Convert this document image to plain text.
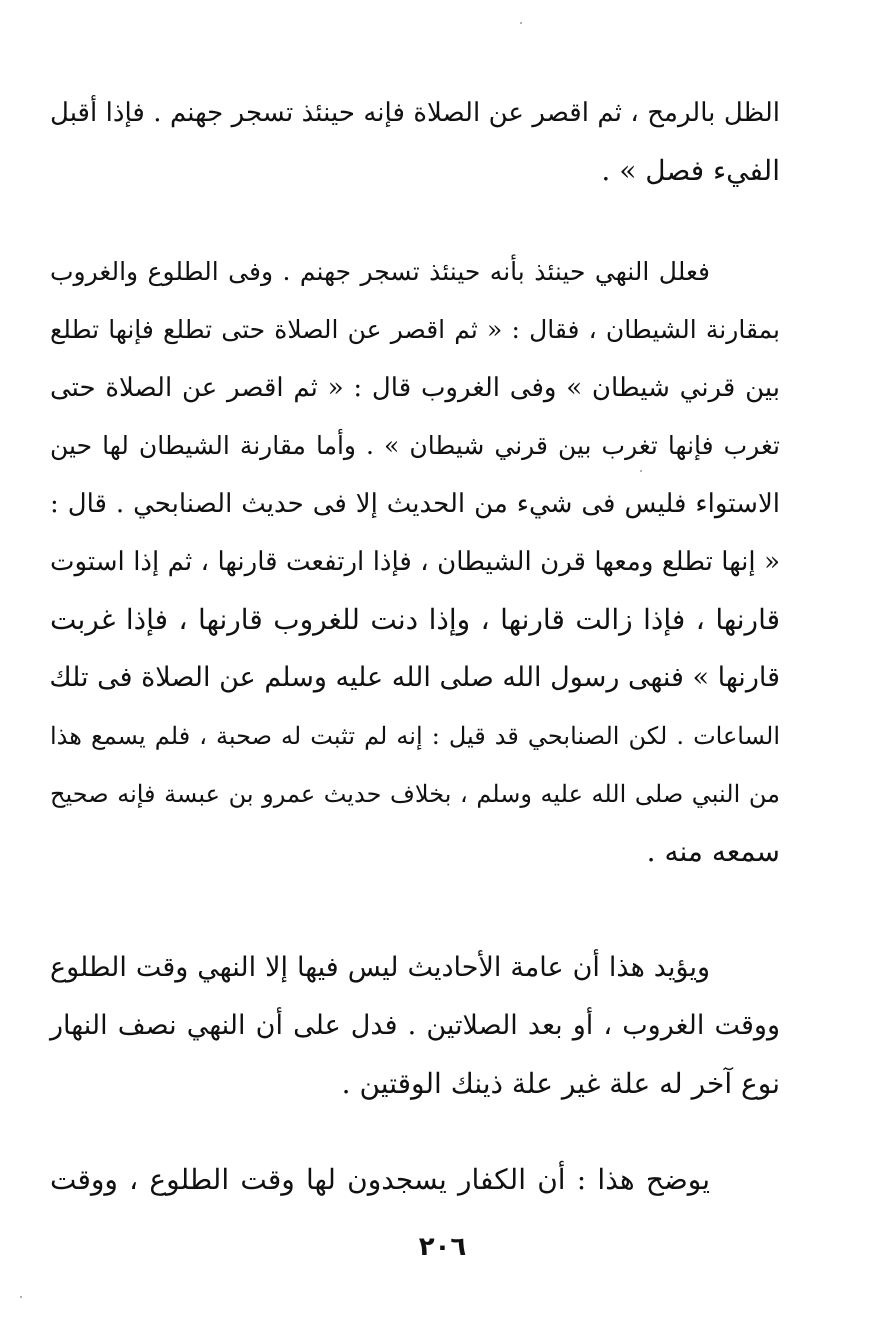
الظل بالرمح ، ثم اقصر عن الصلاة فإنه حينئذ تسجر جهنم . فإذا أقبل
الفيء فصل » .
فعلل النهي حينئذ بأنه حينئذ تسجر جهنم . وفى الطلوع والغروب
بمقارنة الشيطان ، فقال : « ثم اقصر عن الصلاة حتى تطلع فإنها تطلع
بين قرني شيطان » وفى الغروب قال : « ثم اقصر عن الصلاة حتى
تغرب فإنها تغرب بين قرني شيطان » . وأما مقارنة الشيطان لها حين
الاستواء فليس فى شيء من الحديث إلا فى حديث الصنابحي . قال :
« إنها تطلع ومعها قرن الشيطان ، فإذا ارتفعت قارنها ، ثم إذا استوت
قارنها ، فإذا زالت قارنها ، وإذا دنت للغروب قارنها ، فإذا غربت
قارنها » فنهى رسول الله صلى الله عليه وسلم عن الصلاة فى تلك
الساعات . لكن الصنابحي قد قيل : إنه لم تثبت له صحبة ، فلم يسمع هذا
من النبي صلى الله عليه وسلم ، بخلاف حديث عمرو بن عبسة فإنه صحيح
سمعه منه .
ويؤيد هذا أن عامة الأحاديث ليس فيها إلا النهي وقت الطلوع
ووقت الغروب ، أو بعد الصلاتين . فدل على أن النهي نصف النهار
نوع آخر له علة غير علة ذينك الوقتين .
يوضح هذا : أن الكفار يسجدون لها وقت الطلوع ، ووقت
٢٠٦
